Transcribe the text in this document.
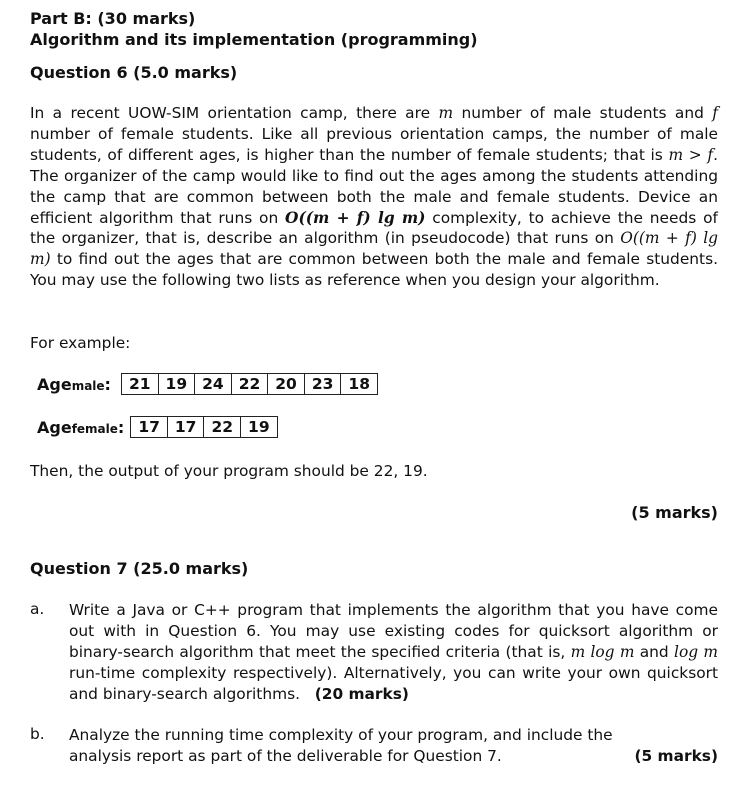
Part B: (30 marks)

Algorithm and its implementation (programming)

Question 6 (5.0 marks)

In a recent UOW-SIM orientation camp, there are m number of male students and f number of female students. Like all previous orientation camps, the number of male students, of different ages, is higher than the number of female students; that is m > f. The organizer of the camp would like to find out the ages among the students attending the camp that are common between both the male and female students. Device an efficient algorithm that runs on O((m + f) lg m) complexity, to achieve the needs of the organizer, that is, describe an algorithm (in pseudocode) that runs on O((m + f) lg m) to find out the ages that are common between both the male and female students. You may use the following two lists as reference when you design your algorithm.

For example:

Agemale: 21	19	24	22	20	23	18
Agefemale: 17	17	22	19

Then, the output of your program should be 22, 19.

(5 marks)

Question 7 (25.0 marks)

a. Write a Java or C++ program that implements the algorithm that you have come out with in Question 6. You may use existing codes for quicksort algorithm or binary-search algorithm that meet the specified criteria (that is, m log m and log m run-time complexity respectively). Alternatively, you can write your own quicksort and binary-search algorithms. (20 marks)
b. Analyze the running time complexity of your program, and include the
analysis report as part of the deliverable for Question 7.	(5 marks)
